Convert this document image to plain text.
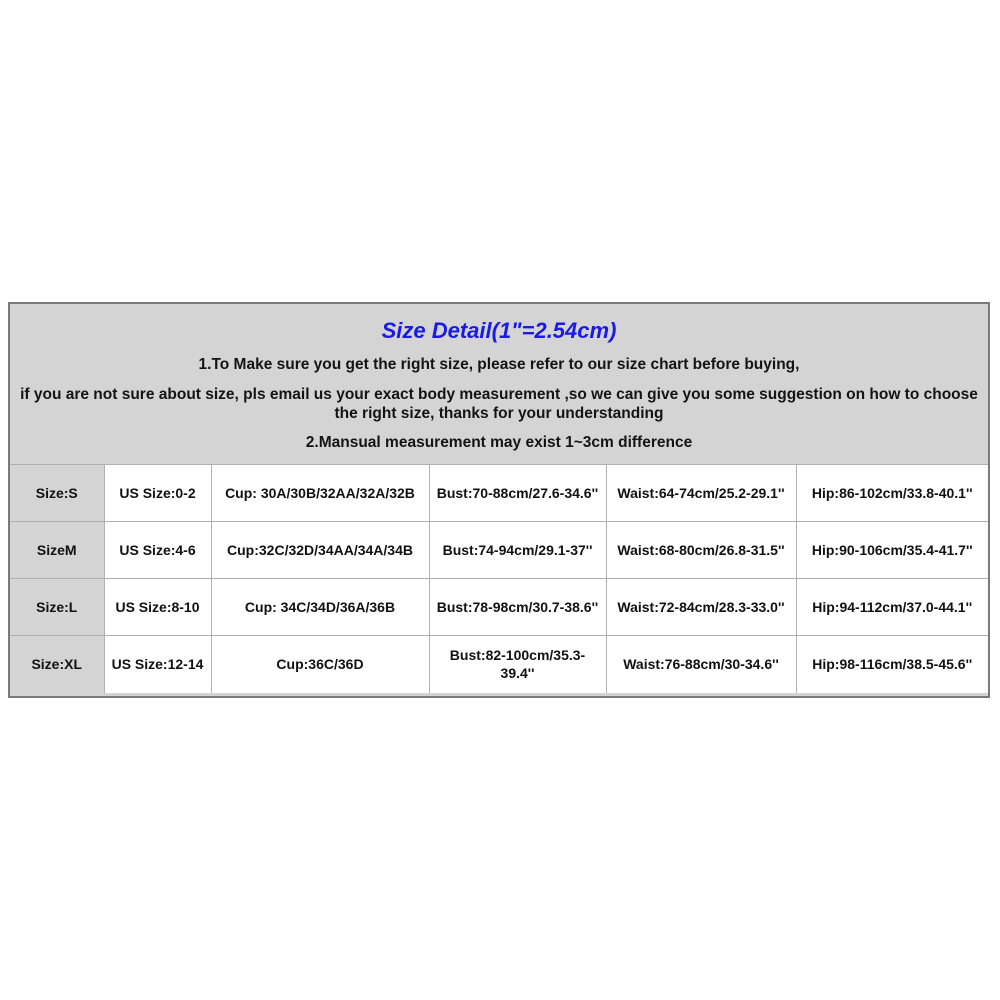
Size Detail(1"=2.54cm)

1.To Make sure you get the right size, please refer to our size chart before buying,

if you are not sure about size, pls email us your exact body measurement ,so we can give you some suggestion on how to choose the right size, thanks for your understanding

2.Mansual measurement may exist 1~3cm difference

Size:S	US Size:0-2	Cup: 30A/30B/32AA/32A/32B	Bust:70-88cm/27.6-34.6''	Waist:64-74cm/25.2-29.1''	Hip:86-102cm/33.8-40.1''
SizeM	US Size:4-6	Cup:32C/32D/34AA/34A/34B	Bust:74-94cm/29.1-37''	Waist:68-80cm/26.8-31.5''	Hip:90-106cm/35.4-41.7''
Size:L	US Size:8-10	Cup: 34C/34D/36A/36B	Bust:78-98cm/30.7-38.6''	Waist:72-84cm/28.3-33.0''	Hip:94-112cm/37.0-44.1''
Size:XL	US Size:12-14	Cup:36C/36D	Bust:82-100cm/35.3-39.4''	Waist:76-88cm/30-34.6''	Hip:98-116cm/38.5-45.6''
